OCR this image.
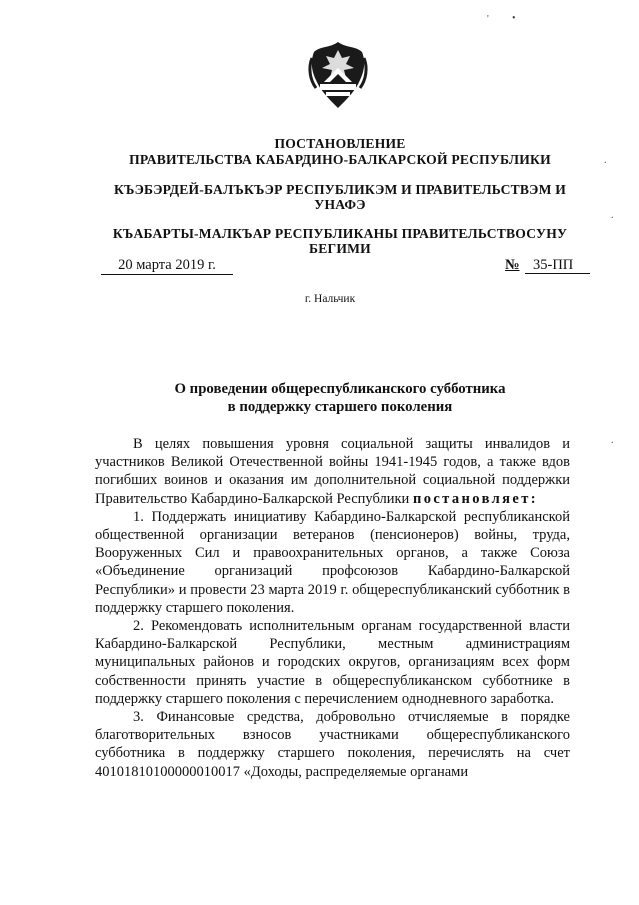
' •
.
.
.
ПОСТАНОВЛЕНИЕ
ПРАВИТЕЛЬСТВА КАБАРДИНО-БАЛКАРСКОЙ РЕСПУБЛИКИ
КЪЭБЭРДЕЙ-БАЛЪКЪЭР РЕСПУБЛИКЭМ И ПРАВИТЕЛЬСТВЭМ И
УНАФЭ
КЪАБАРТЫ-МАЛКЪАР РЕСПУБЛИКАНЫ ПРАВИТЕЛЬСТВОСУНУ
БЕГИМИ
20 марта 2019 г.	№ 35-ПП
г. Нальчик
О проведении общереспубликанского субботника
в поддержку старшего поколения

В целях повышения уровня социальной защиты инвалидов и участников Великой Отечественной войны 1941-1945 годов, а также вдов погибших воинов и оказания им дополнительной социальной поддержки Правительство Кабардино-Балкарской Республики постановляет:

1. Поддержать инициативу Кабардино-Балкарской республиканской общественной организации ветеранов (пенсионеров) войны, труда, Вооруженных Сил и правоохранительных органов, а также Союза «Объединение организаций профсоюзов Кабардино-Балкарской Республики» и провести 23 марта 2019 г. общереспубликанский субботник в поддержку старшего поколения.

2. Рекомендовать исполнительным органам государственной власти Кабардино-Балкарской Республики, местным администрациям муниципальных районов и городских округов, организациям всех форм собственности принять участие в общереспубликанском субботнике в поддержку старшего поколения с перечислением однодневного заработка.

3. Финансовые средства, добровольно отчисляемые в порядке благотворительных взносов участниками общереспубликанского субботника в поддержку старшего поколения, перечислять на счет 40101810100000010017 «Доходы, распределяемые органами
